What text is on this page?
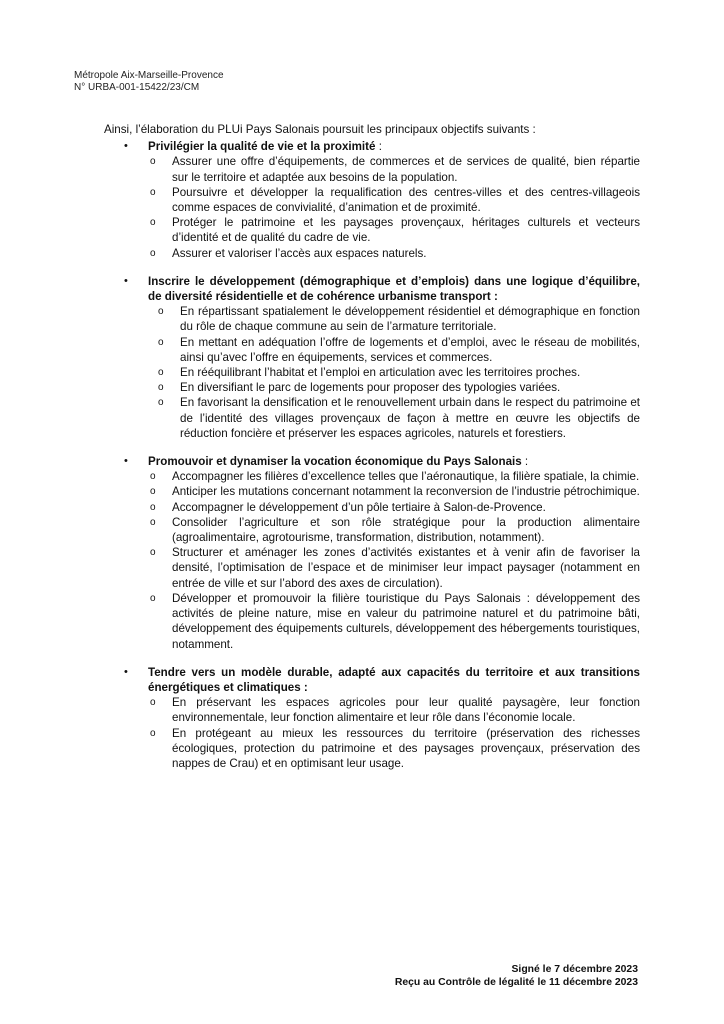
Métropole Aix-Marseille-Provence
N° URBA-001-15422/23/CM

Ainsi, l’élaboration du PLUi Pays Salonais poursuit les principaux objectifs suivants :

•	Privilégier la qualité de vie et la proximité :
o Assurer une offre d’équipements, de commerces et de services de qualité, bien répartie sur le territoire et adaptée aux besoins de la population.
o Poursuivre et développer la requalification des centres-villes et des centres-villageois comme espaces de convivialité, d’animation et de proximité.
o Protéger le patrimoine et les paysages provençaux, héritages culturels et vecteurs d’identité et de qualité du cadre de vie.
o Assurer et valoriser l’accès aux espaces naturels.
•	Inscrire le développement (démographique et d’emplois) dans une logique d’équilibre, de diversité résidentielle et de cohérence urbanisme transport :
o En répartissant spatialement le développement résidentiel et démographique en fonction du rôle de chaque commune au sein de l’armature territoriale.
o En mettant en adéquation l’offre de logements et d’emploi, avec le réseau de mobilités, ainsi qu’avec l’offre en équipements, services et commerces.
o En rééquilibrant l’habitat et l’emploi en articulation avec les territoires proches.
o En diversifiant le parc de logements pour proposer des typologies variées.
o En favorisant la densification et le renouvellement urbain dans le respect du patrimoine et de l’identité des villages provençaux de façon à mettre en œuvre les objectifs de réduction foncière et préserver les espaces agricoles, naturels et forestiers.
•	Promouvoir et dynamiser la vocation économique du Pays Salonais :
o Accompagner les filières d’excellence telles que l’aéronautique, la filière spatiale, la chimie.
o Anticiper les mutations concernant notamment la reconversion de l’industrie pétrochimique.
o Accompagner le développement d’un pôle tertiaire à Salon-de-Provence.
o Consolider l’agriculture et son rôle stratégique pour la production alimentaire (agroalimentaire, agrotourisme, transformation, distribution, notamment).
o Structurer et aménager les zones d’activités existantes et à venir afin de favoriser la densité, l’optimisation de l’espace et de minimiser leur impact paysager (notamment en entrée de ville et sur l’abord des axes de circulation).
o Développer et promouvoir la filière touristique du Pays Salonais : développement des activités de pleine nature, mise en valeur du patrimoine naturel et du patrimoine bâti, développement des équipements culturels, développement des hébergements touristiques, notamment.
•	Tendre vers un modèle durable, adapté aux capacités du territoire et aux transitions énergétiques et climatiques :
o En préservant les espaces agricoles pour leur qualité paysagère, leur fonction environnementale, leur fonction alimentaire et leur rôle dans l’économie locale.
o En protégeant au mieux les ressources du territoire (préservation des richesses écologiques, protection du patrimoine et des paysages provençaux, préservation des nappes de Crau) et en optimisant leur usage.
Signé le 7 décembre 2023
Reçu au Contrôle de légalité le 11 décembre 2023
